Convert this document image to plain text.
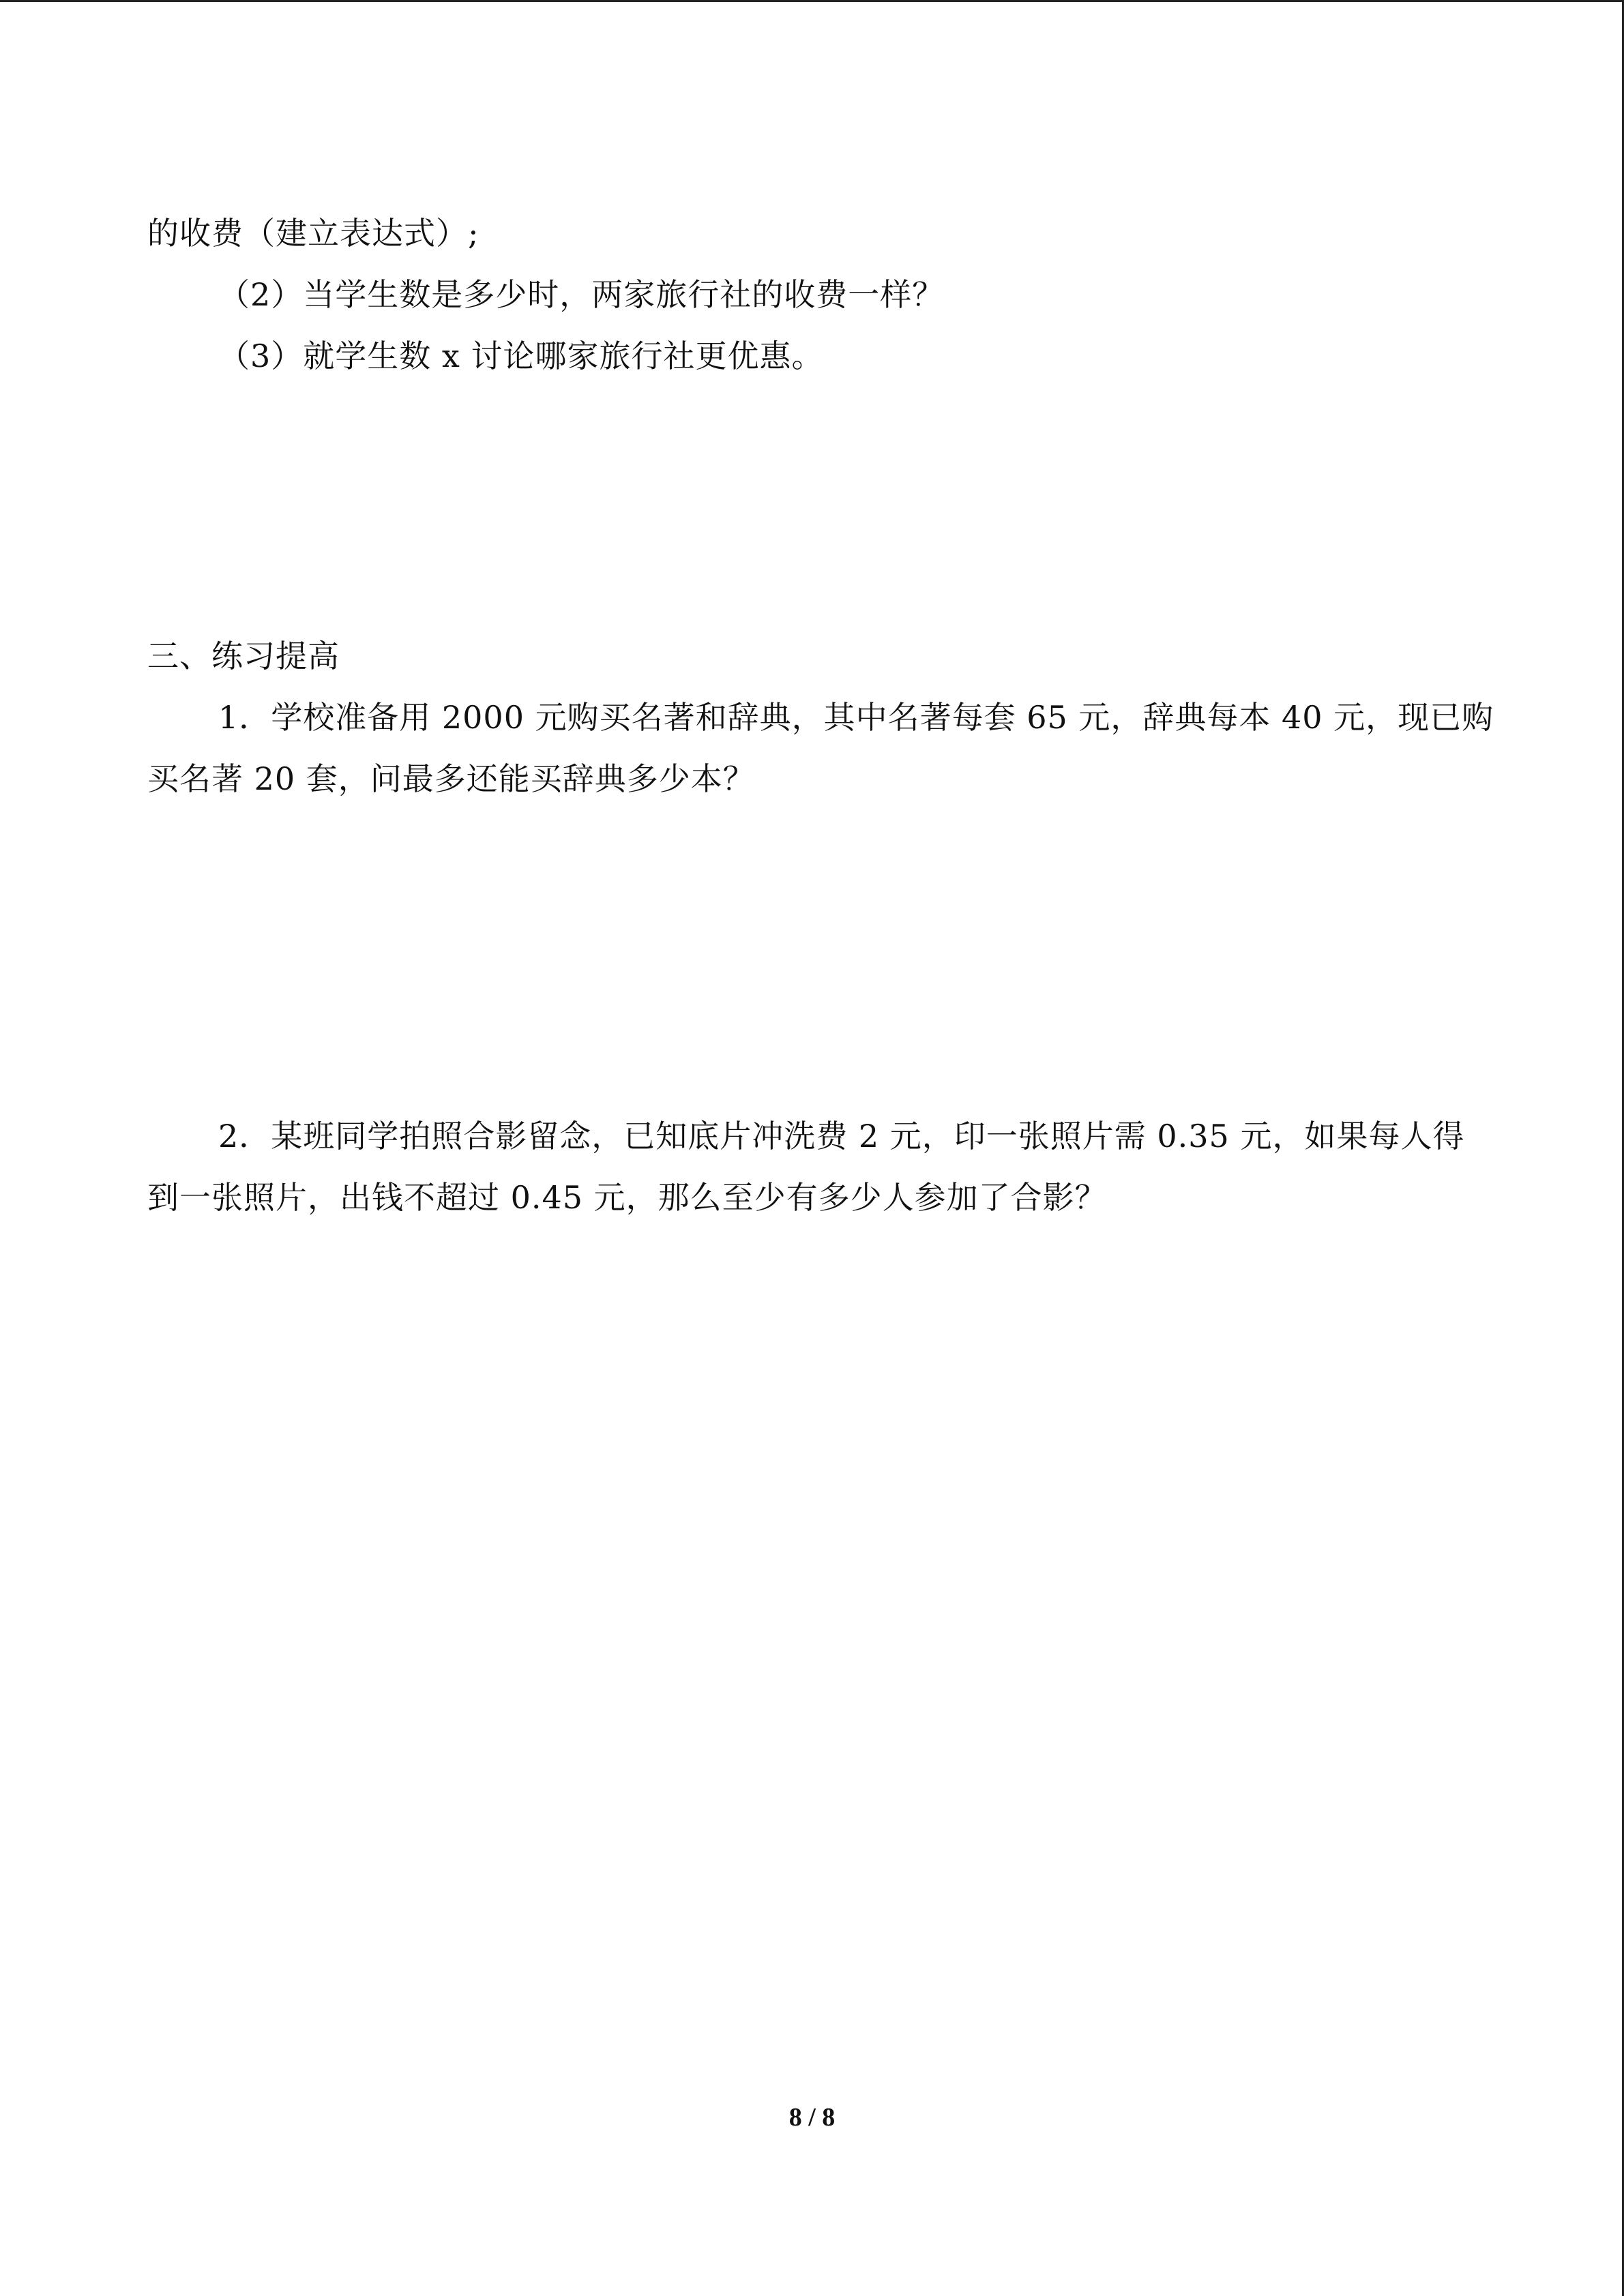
的收费（建立表达式）;
（2）当学生数是多少时，两家旅行社的收费一样？
（3）就学生数 x 讨论哪家旅行社更优惠。
三、练习提高
1．学校准备用 2000 元购买名著和辞典，其中名著每套 65 元，辞典每本 40 元，现已购
买名著 20 套，问最多还能买辞典多少本？
2．某班同学拍照合影留念，已知底片冲洗费 2 元，印一张照片需 0.35 元，如果每人得
到一张照片，出钱不超过 0.45 元，那么至少有多少人参加了合影？
8 / 8
